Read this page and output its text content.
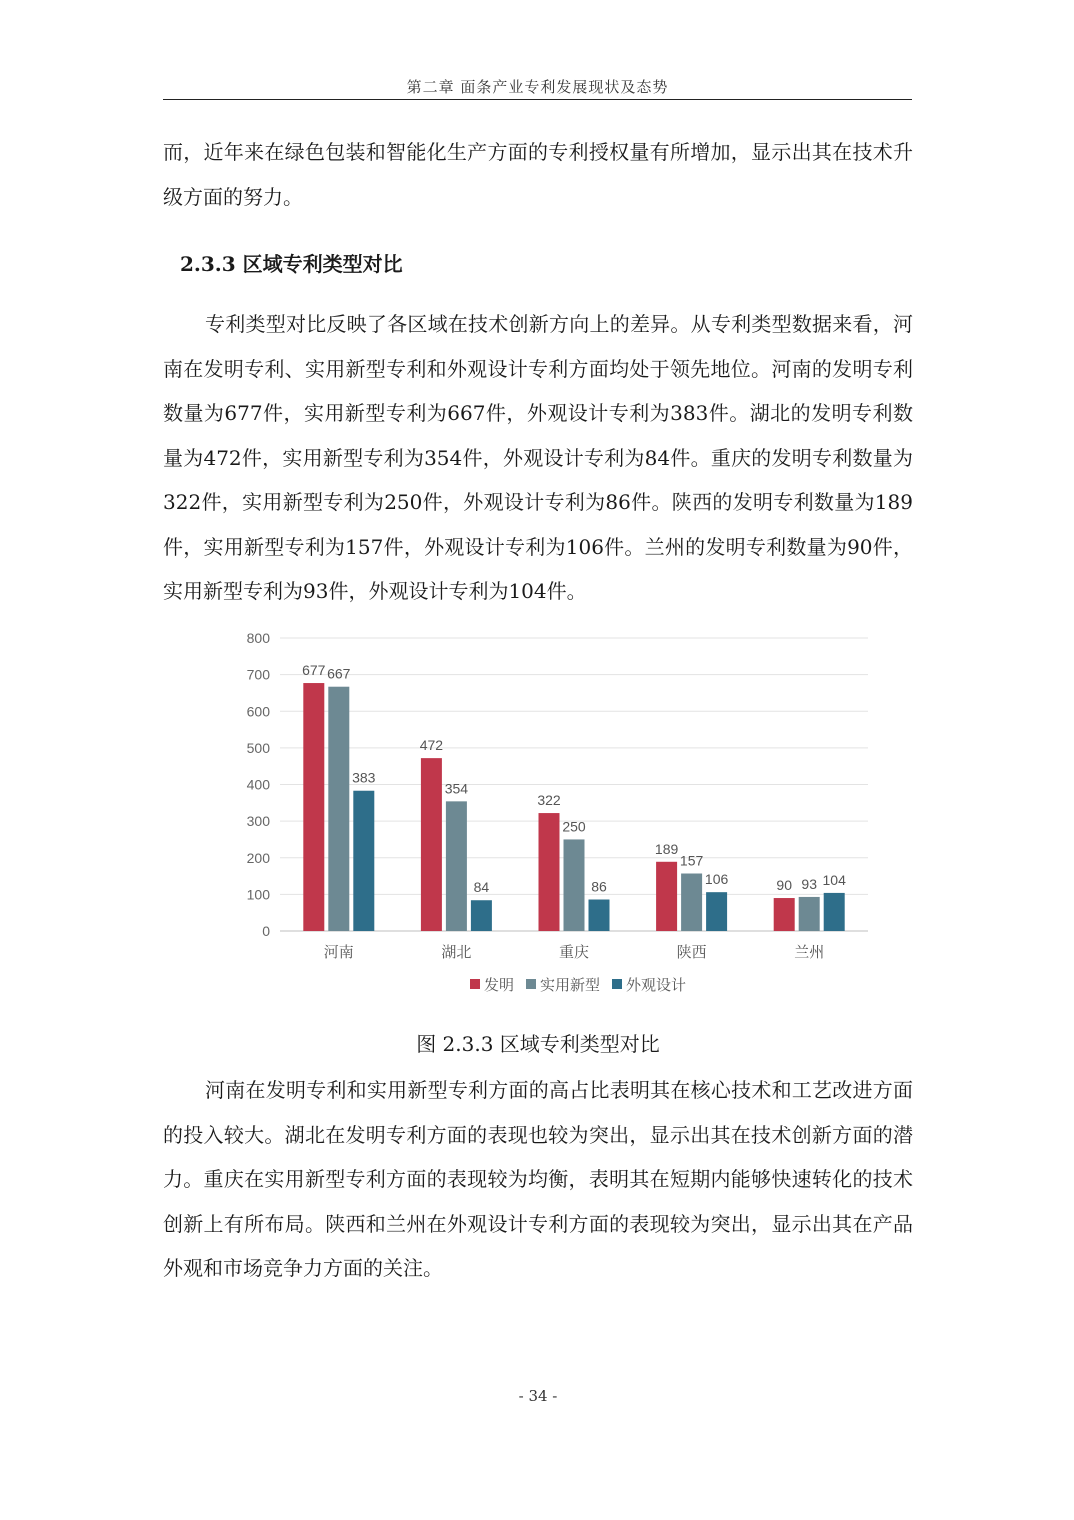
第二章 面条产业专利发展现状及态势

而，近年来在绿色包装和智能化生产方面的专利授权量有所增加，显示出其在技术升级方面的努力。

2.3.3 区域专利类型对比

专利类型对比反映了各区域在技术创新方向上的差异。从专利类型数据来看，河南在发明专利、实用新型专利和外观设计专利方面均处于领先地位。河南的发明专利数量为677件，实用新型专利为667件，外观设计专利为383件。湖北的发明专利数量为472件，实用新型专利为354件，外观设计专利为84件。重庆的发明专利数量为322件，实用新型专利为250件，外观设计专利为86件。陕西的发明专利数量为189件，实用新型专利为157件，外观设计专利为106件。兰州的发明专利数量为90件，实用新型专利为93件，外观设计专利为104件。

0
100
200
300
400
500
600
700
800
677 667
383
河南
472
354
84
湖北
322
250
86
重庆
189
157
106
陕西
90 93 104
兰州
发明 实用新型 外观设计

图 2.3.3 区域专利类型对比

河南在发明专利和实用新型专利方面的高占比表明其在核心技术和工艺改进方面的投入较大。湖北在发明专利方面的表现也较为突出，显示出其在技术创新方面的潜力。重庆在实用新型专利方面的表现较为均衡，表明其在短期内能够快速转化的技术创新上有所布局。陕西和兰州在外观设计专利方面的表现较为突出，显示出其在产品外观和市场竞争力方面的关注。

- 34 -
